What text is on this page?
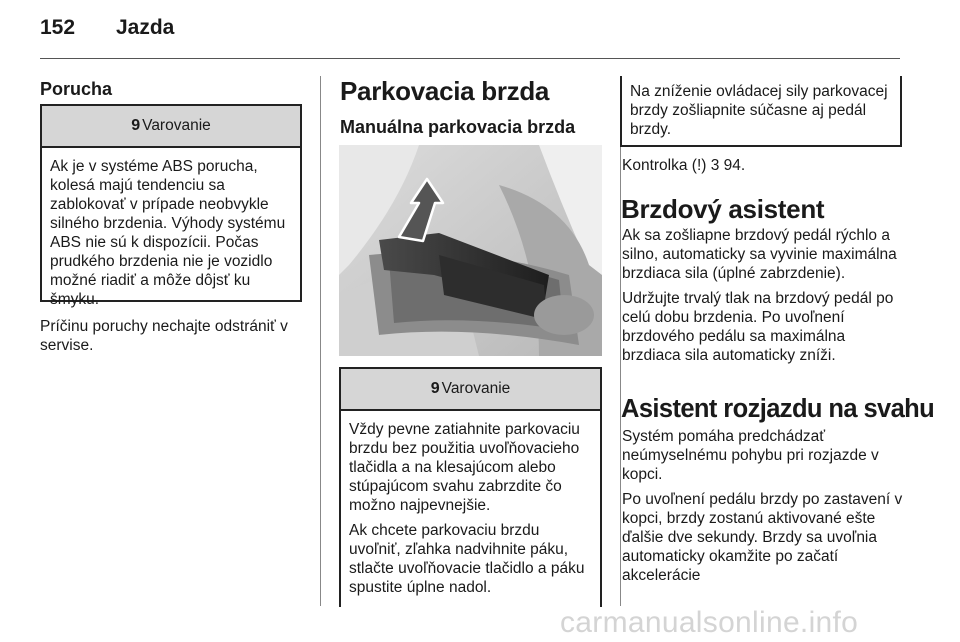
152 Jazda
Porucha
9 Varovanie

Ak je v systéme ABS porucha, kolesá majú tendenciu sa zablokovať v prípade neobvykle silného brzdenia. Výhody systému ABS nie sú k dispozícii. Počas prudkého brzdenia nie je vozidlo možné riadiť a môže dôjsť ku šmyku.

Príčinu poruchy nechajte odstrániť v servise.
Parkovacia brzda
Manuálna parkovacia brzda
9 Varovanie

Vždy pevne zatiahnite parkovaciu brzdu bez použitia uvoľňovacieho tlačidla a na klesajúcom alebo stúpajúcom svahu zabrzdite čo možno najpevnejšie.

Ak chcete parkovaciu brzdu uvoľniť, zľahka nadvihnite páku, stlačte uvoľňovacie tlačidlo a páku spustite úplne nadol.

Na zníženie ovládacej sily parkovacej brzdy zošliapnite súčasne aj pedál brzdy.

Kontrolka (!) 3 94.
Brzdový asistent

Ak sa zošliapne brzdový pedál rýchlo a silno, automaticky sa vyvinie maximálna brzdiaca sila (úplné zabrzdenie).

Udržujte trvalý tlak na brzdový pedál po celú dobu brzdenia. Po uvoľnení brzdového pedálu sa maximálna brzdiaca sila automaticky zníži.

Asistent rozjazdu na svahu

Systém pomáha predchádzať neúmyselnému pohybu pri rozjazde v kopci.

Po uvoľnení pedálu brzdy po zastavení v kopci, brzdy zostanú aktivované ešte ďalšie dve sekundy. Brzdy sa uvoľnia automaticky okamžite po začatí akcelerácie

carmanualsonline.info
